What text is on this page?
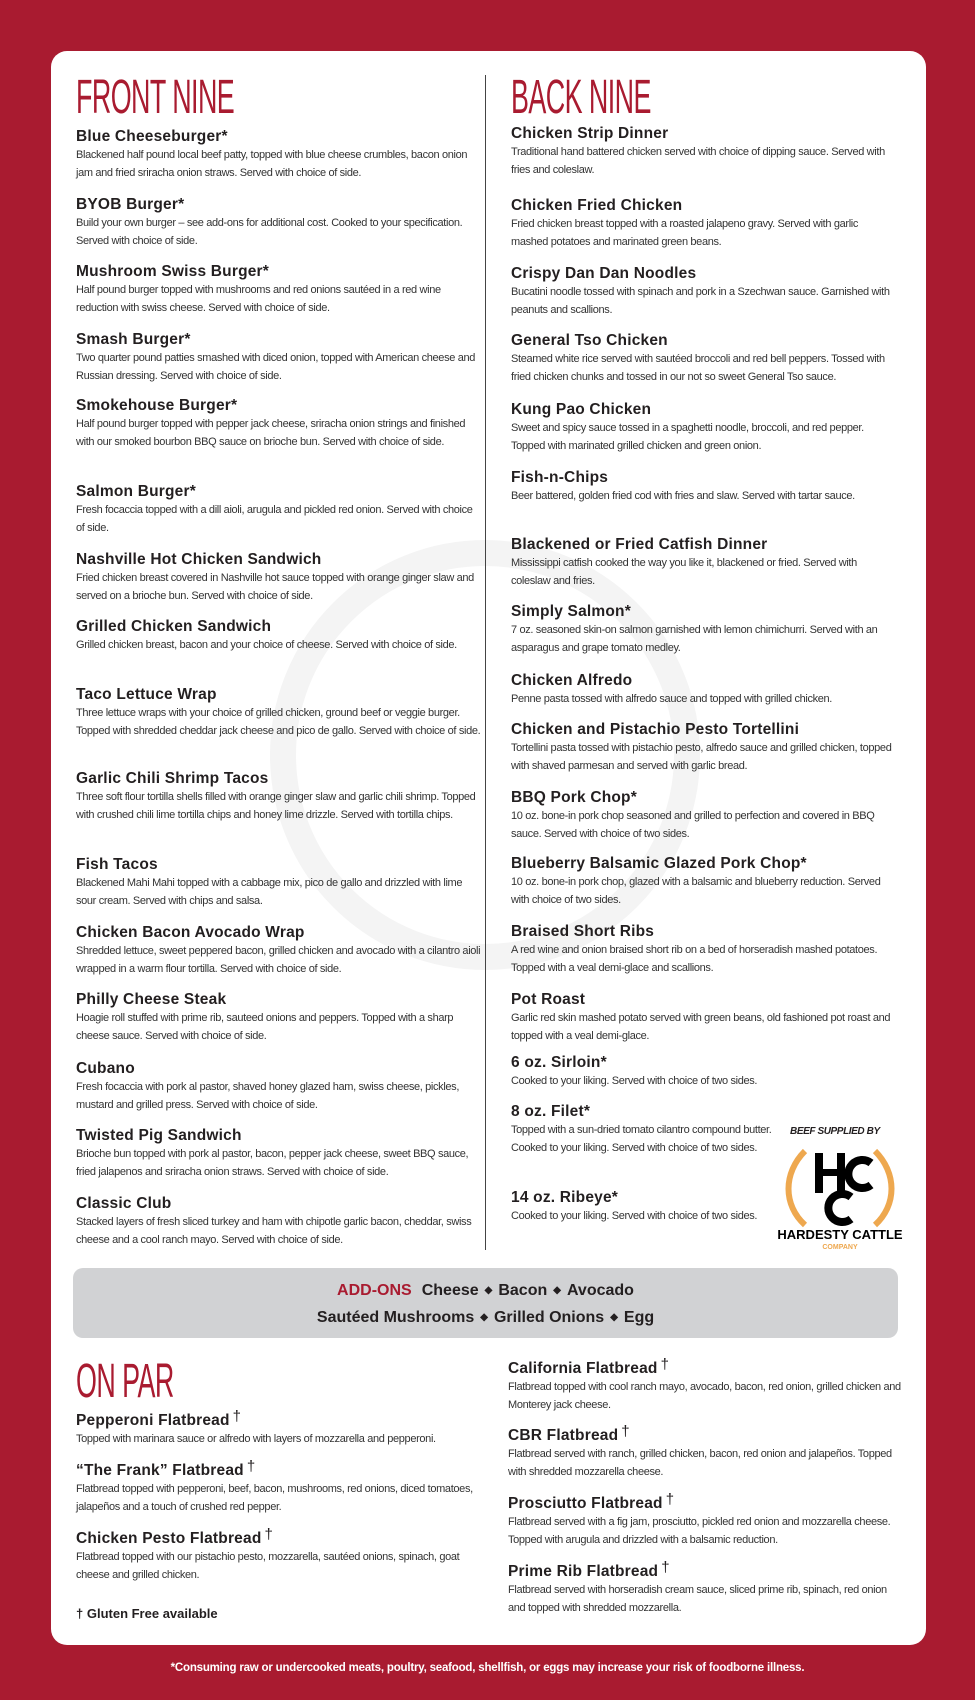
FRONT NINE	BACK NINE
Blue Cheeseburger*
Blackened half pound local beef patty, topped with blue cheese crumbles, bacon onion jam and fried sriracha onion straws. Served with choice of side.
BYOB Burger*
Build your own burger – see add-ons for additional cost. Cooked to your specification. Served with choice of side.
Mushroom Swiss Burger*
Half pound burger topped with mushrooms and red onions sautéed in a red wine reduction with swiss cheese. Served with choice of side.
Smash Burger*
Two quarter pound patties smashed with diced onion, topped with American cheese and Russian dressing. Served with choice of side.
Smokehouse Burger*
Half pound burger topped with pepper jack cheese, sriracha onion strings and finished with our smoked bourbon BBQ sauce on brioche bun. Served with choice of side.
Salmon Burger*
Fresh focaccia topped with a dill aioli, arugula and pickled red onion. Served with choice of side.
Nashville Hot Chicken Sandwich
Fried chicken breast covered in Nashville hot sauce topped with orange ginger slaw and served on a brioche bun. Served with choice of side.
Grilled Chicken Sandwich
Grilled chicken breast, bacon and your choice of cheese. Served with choice of side.
Taco Lettuce Wrap
Three lettuce wraps with your choice of grilled chicken, ground beef or veggie burger. Topped with shredded cheddar jack cheese and pico de gallo. Served with choice of side.
Garlic Chili Shrimp Tacos
Three soft flour tortilla shells filled with orange ginger slaw and garlic chili shrimp. Topped with crushed chili lime tortilla chips and honey lime drizzle. Served with tortilla chips.
Fish Tacos
Blackened Mahi Mahi topped with a cabbage mix, pico de gallo and drizzled with lime sour cream. Served with chips and salsa.
Chicken Bacon Avocado Wrap
Shredded lettuce, sweet peppered bacon, grilled chicken and avocado with a cilantro aioli wrapped in a warm flour tortilla. Served with choice of side.
Philly Cheese Steak
Hoagie roll stuffed with prime rib, sauteed onions and peppers. Topped with a sharp cheese sauce. Served with choice of side.
Cubano
Fresh focaccia with pork al pastor, shaved honey glazed ham, swiss cheese, pickles, mustard and grilled press. Served with choice of side.
Twisted Pig Sandwich
Brioche bun topped with pork al pastor, bacon, pepper jack cheese, sweet BBQ sauce, fried jalapenos and sriracha onion straws. Served with choice of side.
Classic Club
Stacked layers of fresh sliced turkey and ham with chipotle garlic bacon, cheddar, swiss cheese and a cool ranch mayo. Served with choice of side.
Chicken Strip Dinner
Traditional hand battered chicken served with choice of dipping sauce. Served with fries and coleslaw.
Chicken Fried Chicken
Fried chicken breast topped with a roasted jalapeno gravy. Served with garlic mashed potatoes and marinated green beans.
Crispy Dan Dan Noodles
Bucatini noodle tossed with spinach and pork in a Szechwan sauce. Garnished with peanuts and scallions.
General Tso Chicken
Steamed white rice served with sautéed broccoli and red bell peppers. Tossed with fried chicken chunks and tossed in our not so sweet General Tso sauce.
Kung Pao Chicken
Sweet and spicy sauce tossed in a spaghetti noodle, broccoli, and red pepper. Topped with marinated grilled chicken and green onion.
Fish-n-Chips
Beer battered, golden fried cod with fries and slaw. Served with tartar sauce.
Blackened or Fried Catfish Dinner
Mississippi catfish cooked the way you like it, blackened or fried. Served with coleslaw and fries.
Simply Salmon*
7 oz. seasoned skin-on salmon garnished with lemon chimichurri. Served with an asparagus and grape tomato medley.
Chicken Alfredo
Penne pasta tossed with alfredo sauce and topped with grilled chicken.
Chicken and Pistachio Pesto Tortellini
Tortellini pasta tossed with pistachio pesto, alfredo sauce and grilled chicken, topped with shaved parmesan and served with garlic bread.
BBQ Pork Chop*
10 oz. bone-in pork chop seasoned and grilled to perfection and covered in BBQ sauce. Served with choice of two sides.
Blueberry Balsamic Glazed Pork Chop*
10 oz. bone-in pork chop, glazed with a balsamic and blueberry reduction. Served with choice of two sides.
Braised Short Ribs
A red wine and onion braised short rib on a bed of horseradish mashed potatoes. Topped with a veal demi-glace and scallions.
Pot Roast
Garlic red skin mashed potato served with green beans, old fashioned pot roast and topped with a veal demi-glace.
6 oz. Sirloin*
Cooked to your liking. Served with choice of two sides.
8 oz. Filet*
Topped with a sun-dried tomato cilantro compound butter. Cooked to your liking. Served with choice of two sides.
14 oz. Ribeye*
Cooked to your liking. Served with choice of two sides.
BEEF SUPPLIED BY
HARDESTY CATTLE
COMPANY
ADD-ONS Cheese ◆ Bacon ◆ Avocado
Sautéed Mushrooms ◆ Grilled Onions ◆ Egg
ON PAR
Pepperoni Flatbread †
Topped with marinara sauce or alfredo with layers of mozzarella and pepperoni.
“The Frank” Flatbread †
Flatbread topped with pepperoni, beef, bacon, mushrooms, red onions, diced tomatoes, jalapeños and a touch of crushed red pepper.
Chicken Pesto Flatbread †
Flatbread topped with our pistachio pesto, mozzarella, sautéed onions, spinach, goat cheese and grilled chicken.
California Flatbread †
Flatbread topped with cool ranch mayo, avocado, bacon, red onion, grilled chicken and Monterey jack cheese.
CBR Flatbread †
Flatbread served with ranch, grilled chicken, bacon, red onion and jalapeños. Topped with shredded mozzarella cheese.
Prosciutto Flatbread †
Flatbread served with a fig jam, prosciutto, pickled red onion and mozzarella cheese. Topped with arugula and drizzled with a balsamic reduction.
Prime Rib Flatbread †
Flatbread served with horseradish cream sauce, sliced prime rib, spinach, red onion and topped with shredded mozzarella.
† Gluten Free available
*Consuming raw or undercooked meats, poultry, seafood, shellfish, or eggs may increase your risk of foodborne illness.
